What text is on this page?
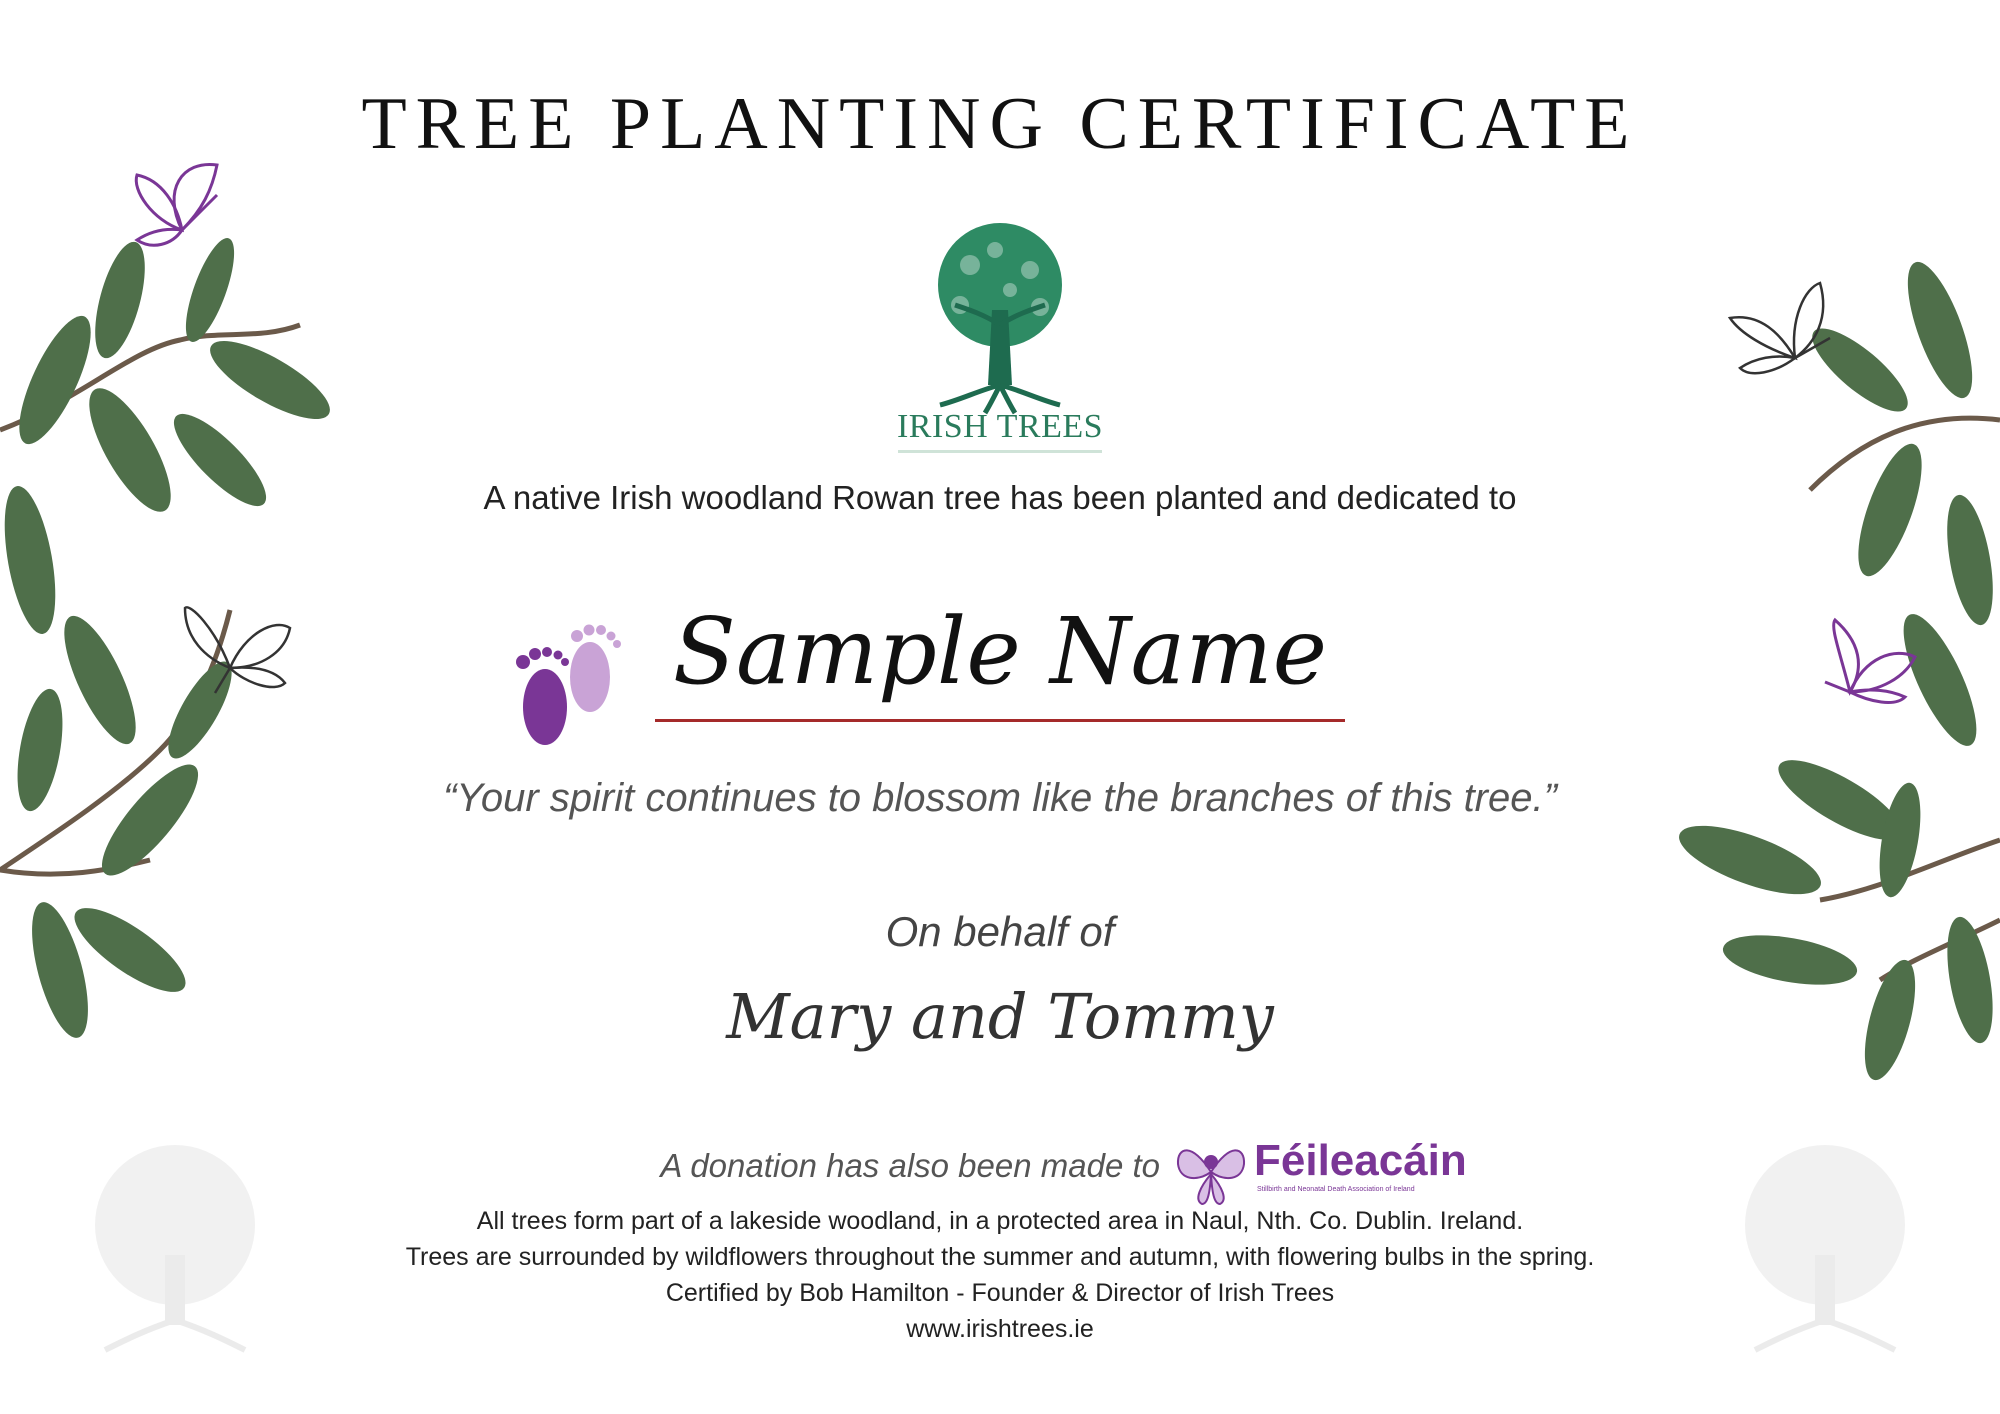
TREE PLANTING CERTIFICATE
IRISH TREES
A native Irish woodland Rowan tree has been planted and dedicated to
Sample Name
“Your spirit continues to blossom like the branches of this tree.”
On behalf of
Mary and Tommy
A donation has also been made to Féileacáin
Stillbirth and Neonatal Death Association of Ireland
All trees form part of a lakeside woodland, in a protected area in Naul, Nth. Co. Dublin. Ireland.
Trees are surrounded by wildflowers throughout the summer and autumn, with flowering bulbs in the spring.
Certified by Bob Hamilton - Founder & Director of Irish Trees
www.irishtrees.ie
